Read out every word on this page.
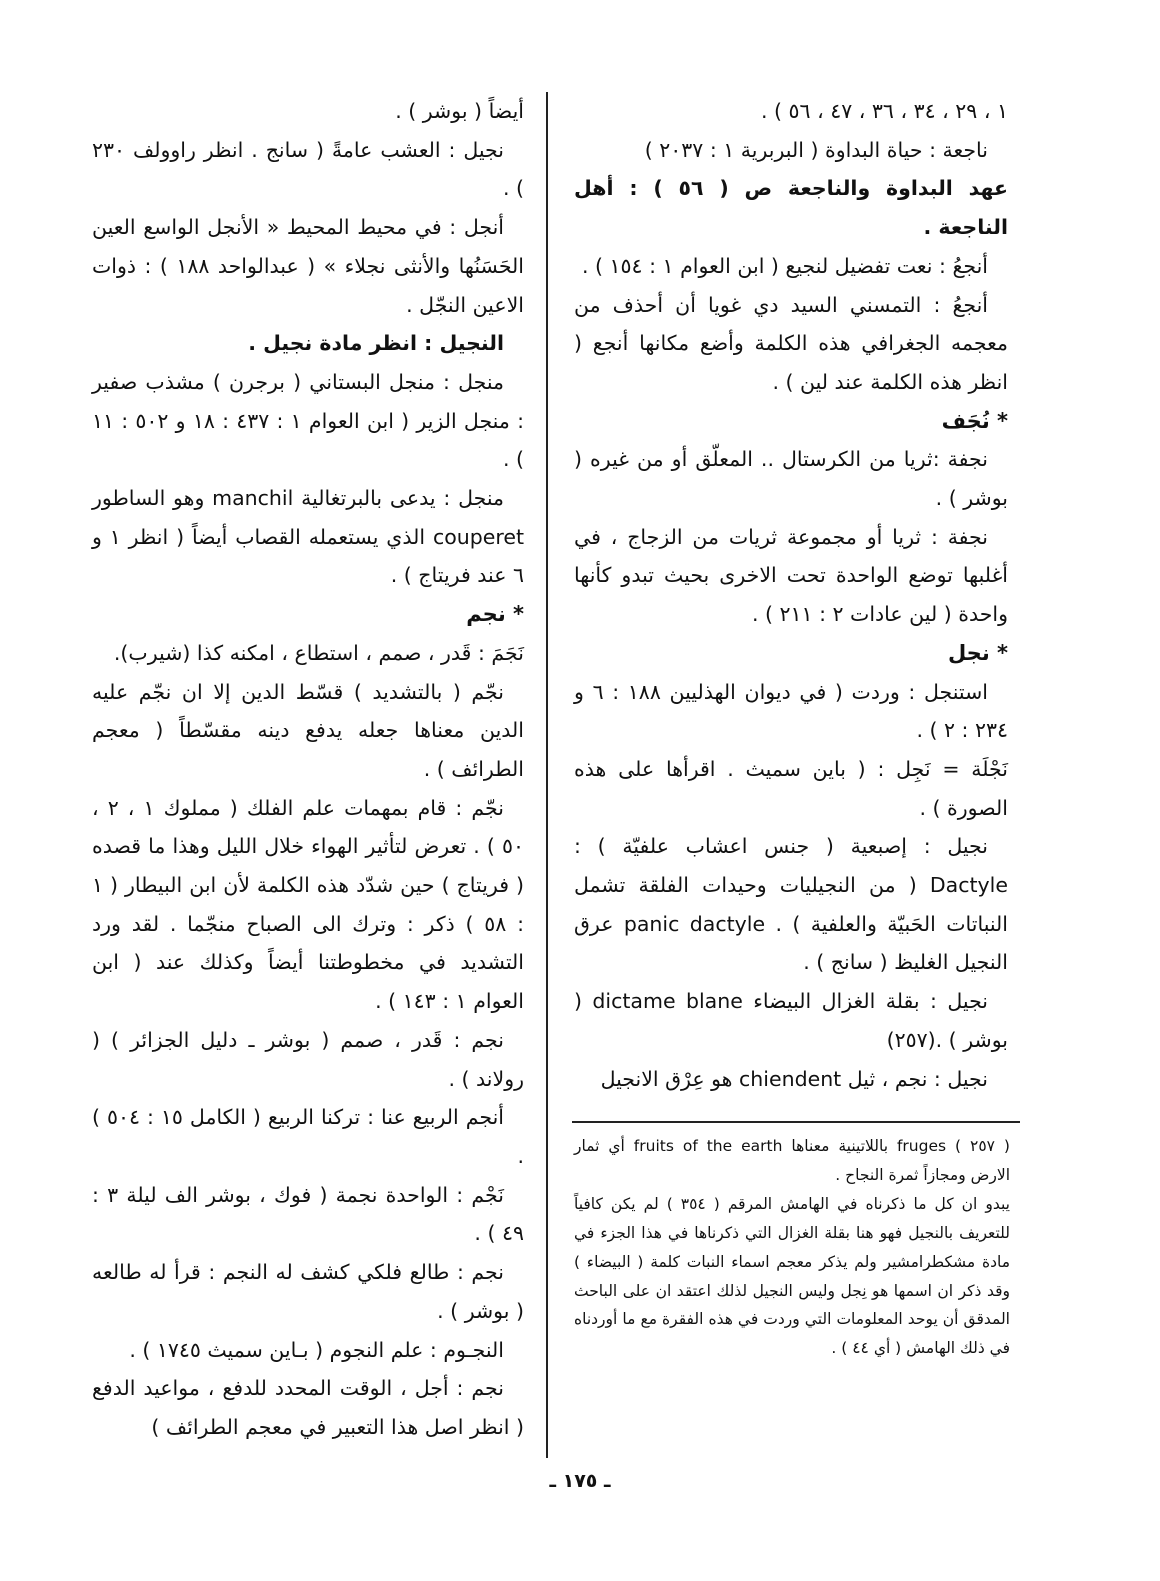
١ ، ٢٩ ، ٣٤ ، ٣٦ ، ٤٧ ، ٥٦ ) .

ناجعة : حياة البداوة ( البربرية ١ : ٢٠٣٧ )

عهد البداوة والناجعة ص ( ٥٦ ) : أهل الناجعة .

أنجعُ : نعت تفضيل لنجيع ( ابن العوام ١ : ١٥٤ ) .

أنجعُ : التمسني السيد دي غويا أن أحذف من معجمه الجغرافي هذه الكلمة وأضع مكانها أنجع ( انظر هذه الكلمة عند لين ) .

* نُجَف

نجفة :ثريا من الكرستال .. المعلّق أو من غيره ( بوشر ) .

نجفة : ثريا أو مجموعة ثريات من الزجاج ، في أغلبها توضع الواحدة تحت الاخرى بحيث تبدو كأنها واحدة ( لين عادات ٢ : ٢١١ ) .

* نجل

استنجل : وردت ( في ديوان الهذليين ١٨٨ : ٦ و ٢٣٤ : ٢ ) .

نَجْلَة = نَجِل : ( باين سميث . اقرأها على هذه الصورة ) .

نجيل : إصبعية ( جنس اعشاب علفيّة ) : Dactyle ( من النجيليات وحيدات الفلقة تشمل النباتات الحَبيّة والعلفية ) . panic dactyle عرق النجيل الغليظ ( سانج ) .

نجيل : بقلة الغزال البيضاء dictame blane ( بوشر ) .(٢٥٧)

نجيل : نجم ، ثيل chiendent هو عِرْق الانجيل

أيضاً ( بوشر ) .

نجيل : العشب عامةً ( سانج . انظر راوولف ٢٣٠ ) .

أنجل : في محيط المحيط « الأنجل الواسع العين الحَسَنُها والأنثى نجلاء » ( عبدالواحد ١٨٨ ) : ذوات الاعين النجّل .

النجيل : انظر مادة نجيل .

منجل : منجل البستاني ( برجرن ) مشذب صفير : منجل الزير ( ابن العوام ١ : ٤٣٧ : ١٨ و ٥٠٢ : ١١ ) .

منجل : يدعى بالبرتغالية manchil وهو الساطور couperet الذي يستعمله القصاب أيضاً ( انظر ١ و ٦ عند فريتاج ) .

* نجم

نَجَمَ : قَدر ، صمم ، استطاع ، امكنه كذا (شيرب).

نجّم ( بالتشديد ) قسّط الدين إلا ان نجّم عليه الدين معناها جعله يدفع دينه مقسّطاً ( معجم الطرائف ) .

نجّم : قام بمهمات علم الفلك ( مملوك ١ ، ٢ ، ٥٠ ) . تعرض لتأثير الهواء خلال الليل وهذا ما قصده ( فريتاج ) حين شدّد هذه الكلمة لأن ابن البيطار ( ١ : ٥٨ ) ذكر : وترك الى الصباح منجّما . لقد ورد التشديد في مخطوطتنا أيضاً وكذلك عند ( ابن العوام ١ : ١٤٣ ) .

نجم : قَدر ، صمم ( بوشر ـ دليل الجزائر ) ( رولاند ) .

أنجم الربيع عنا : تركنا الربيع ( الكامل ١٥ : ٥٠٤ ) .

نَجْم : الواحدة نجمة ( فوك ، بوشر الف ليلة ٣ : ٤٩ ) .

نجم : طالع فلكي كشف له النجم : قرأ له طالعه ( بوشر ) .

النجـوم : علم النجوم ( بـاين سميث ١٧٤٥ ) .

نجم : أجل ، الوقت المحدد للدفع ، مواعيد الدفع ( انظر اصل هذا التعبير في معجم الطرائف )

( ٢٥٧ ) fruges باللاتينية معناها fruits of the earth أي ثمار الارض ومجازاً ثمرة النجاح .

يبدو ان كل ما ذكرناه في الهامش المرقم ( ٣٥٤ ) لم يكن كافياً للتعريف بالنجيل فهو هنا بقلة الغزال التي ذكرناها في هذا الجزء في مادة مشكطرامشير ولم يذكر معجم اسماء النبات كلمة ( البيضاء ) وقد ذكر ان اسمها هو نِجل وليس النجيل لذلك اعتقد ان على الباحث المدقق أن يوحد المعلومات التي وردت في هذه الفقرة مع ما أوردناه في ذلك الهامش ( أي ٤٤ ) .

ـ ١٧٥ ـ
